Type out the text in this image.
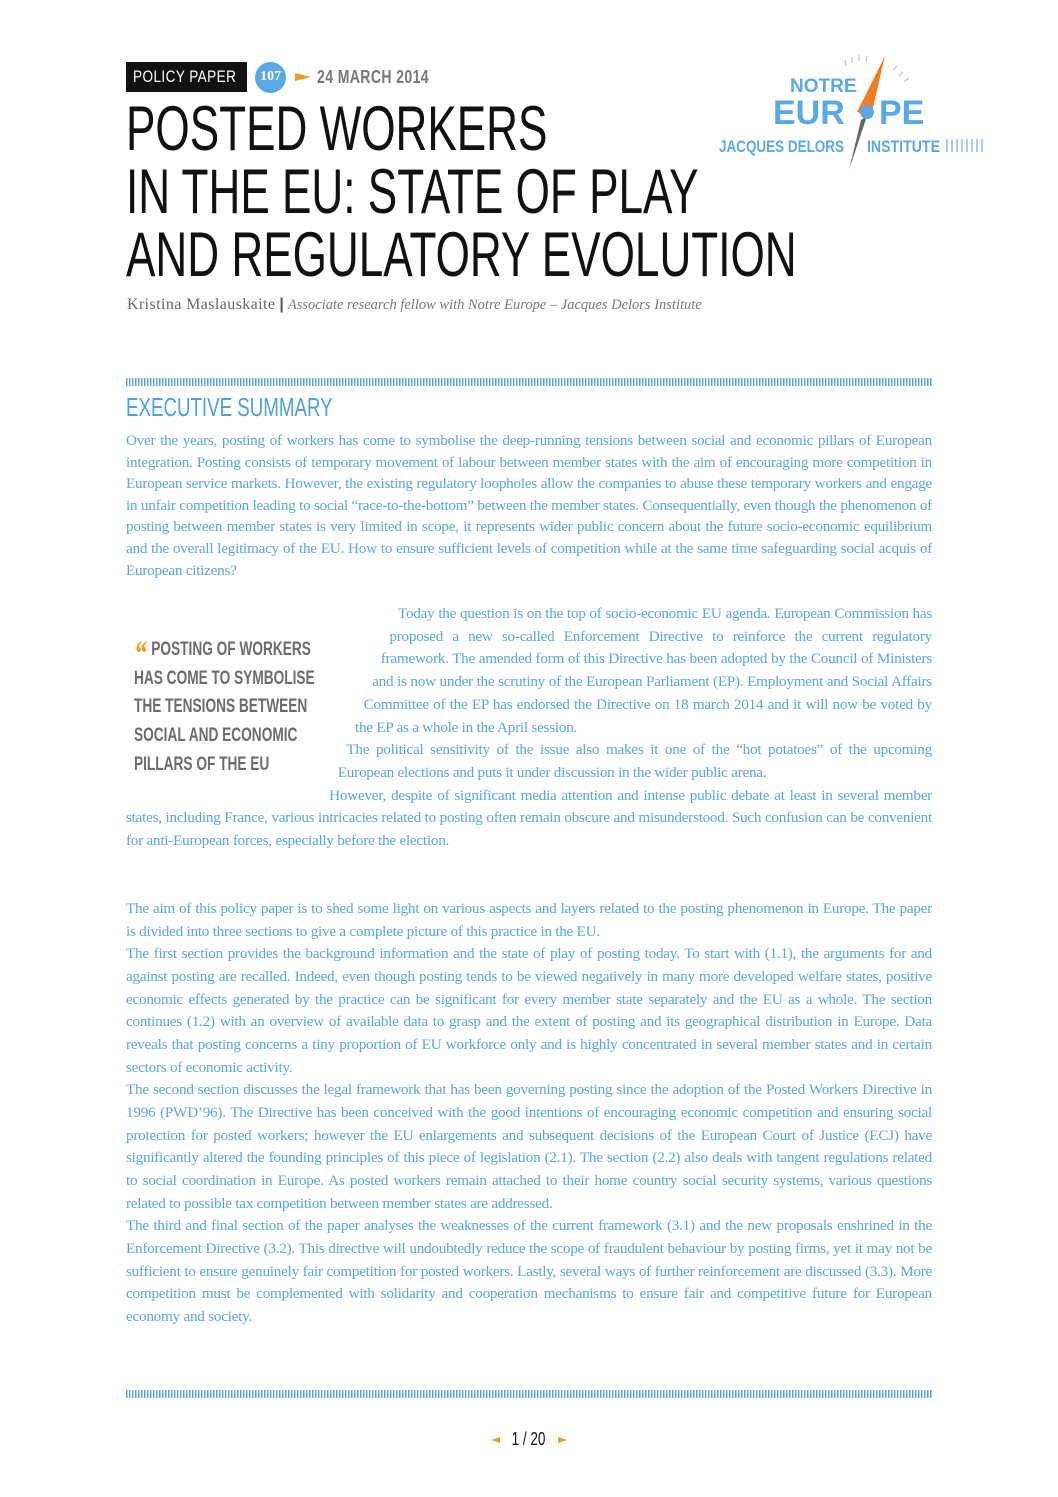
POLICY PAPER	107 24 MARCH 2014
POSTED WORKERS
IN THE EU: STATE OF PLAY
AND REGULATORY EVOLUTION
Kristina Maslauskaite | Associate research fellow with Notre Europe – Jacques Delors Institute
NOTRE
EUR PE
JACQUES DELORS INSTITUTE
EXECUTIVE SUMMARY

Over the years, posting of workers has come to symbolise the deep-running tensions between social and economic pillars of European integration. Posting consists of temporary movement of labour between member states with the aim of encouraging more competition in European service markets. However, the existing regulatory loopholes allow the companies to abuse these temporary workers and engage in unfair competition leading to social “race-to-the-bottom” between the member states. Consequentially, even though the phenomenon of posting between member states is very limited in scope, it represents wider public concern about the future socio-economic equilibrium and the overall legitimacy of the EU. How to ensure sufficient levels of competition while at the same time safeguarding social acquis of European citizens?

Today the question is on the top of socio-economic EU agenda. European Commission has proposed a new so-called Enforcement Directive to reinforce the current regulatory framework. The amended form of this Directive has been adopted by the Council of Ministers and is now under the scrutiny of the European Parliament (EP). Employment and Social Affairs Committee of the EP has endorsed the Directive on 18 march 2014 and it will now be voted by the EP as a whole in the April session.

The political sensitivity of the issue also makes it one of the “hot potatoes” of the upcoming European elections and puts it under discussion in the wider public arena.

However, despite of significant media attention and intense public debate at least in several member states, including France, various intricacies related to posting often remain obscure and misunderstood. Such confusion can be convenient for anti-European forces, especially before the election.

“ POSTING OF WORKERS
HAS COME TO SYMBOLISE
THE TENSIONS BETWEEN
SOCIAL AND ECONOMIC
PILLARS OF THE EU

The aim of this policy paper is to shed some light on various aspects and layers related to the posting phenomenon in Europe. The paper is divided into three sections to give a complete picture of this practice in the EU.

The first section provides the background information and the state of play of posting today. To start with (1.1), the arguments for and against posting are recalled. Indeed, even though posting tends to be viewed negatively in many more developed welfare states, positive economic effects generated by the practice can be significant for every member state separately and the EU as a whole. The section continues (1.2) with an overview of available data to grasp and the extent of posting and its geographical distribution in Europe. Data reveals that posting concerns a tiny proportion of EU workforce only and is highly concentrated in several member states and in certain sectors of economic activity.

The second section discusses the legal framework that has been governing posting since the adoption of the Posted Workers Directive in 1996 (PWD’96). The Directive has been conceived with the good intentions of encouraging economic competition and ensuring social protection for posted workers; however the EU enlargements and subsequent decisions of the European Court of Justice (ECJ) have significantly altered the founding principles of this piece of legislation (2.1). The section (2.2) also deals with tangent regulations related to social coordination in Europe. As posted workers remain attached to their home country social security systems, various questions related to possible tax competition between member states are addressed.

The third and final section of the paper analyses the weaknesses of the current framework (3.1) and the new proposals enshrined in the Enforcement Directive (3.2). This directive will undoubtedly reduce the scope of fraudulent behaviour by posting firms, yet it may not be sufficient to ensure genuinely fair competition for posted workers. Lastly, several ways of further reinforcement are discussed (3.3). More competition must be complemented with solidarity and cooperation mechanisms to ensure fair and competitive future for European economy and society.

1 / 20
